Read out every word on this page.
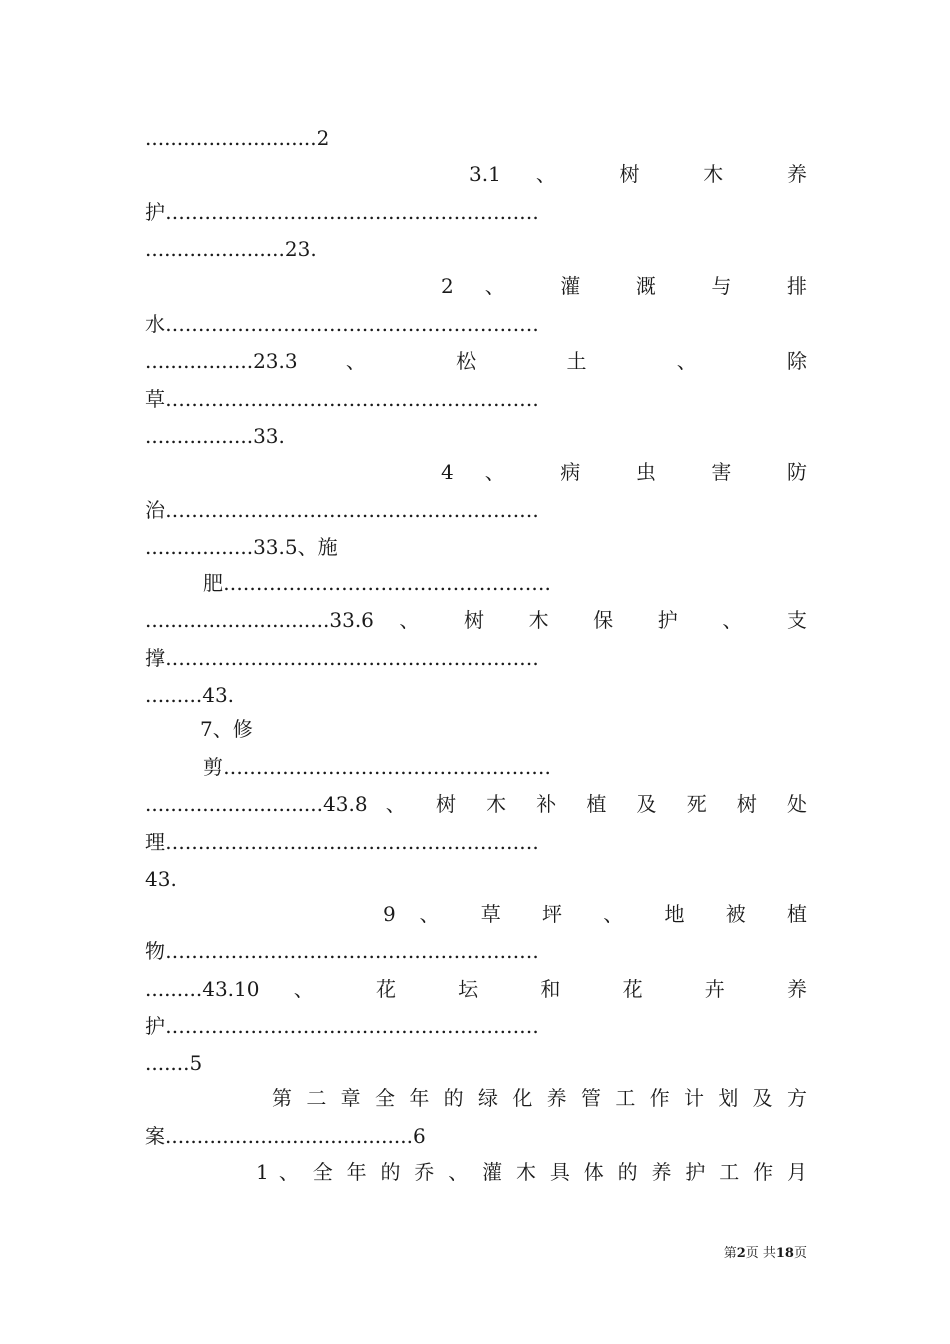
...........................2
3.1 、 树 木 养
护.........................................................
......................23.
2 、 灌 溉 与 排
水.........................................................
.................23.3 、 松 土 、 除
草.........................................................
.................33.
4 、 病 虫 害 防
治.........................................................
.................33.5、施
肥..................................................
.............................33.6 、 树 木 保 护 、 支
撑.........................................................
.........43.
7、修
剪..................................................
............................43.8 、 树 木 补 植 及 死 树 处
理.........................................................
43.
9 、 草 坪 、 地 被 植
物.........................................................
.........43.10 、 花 坛 和 花 卉 养
护.........................................................
.......5
第 二 章 全 年 的 绿 化 养 管 工 作 计 划 及 方
案.......................................6
1 、 全 年 的 乔 、 灌 木 具 体 的 养 护 工 作 月
第2页 共18页
